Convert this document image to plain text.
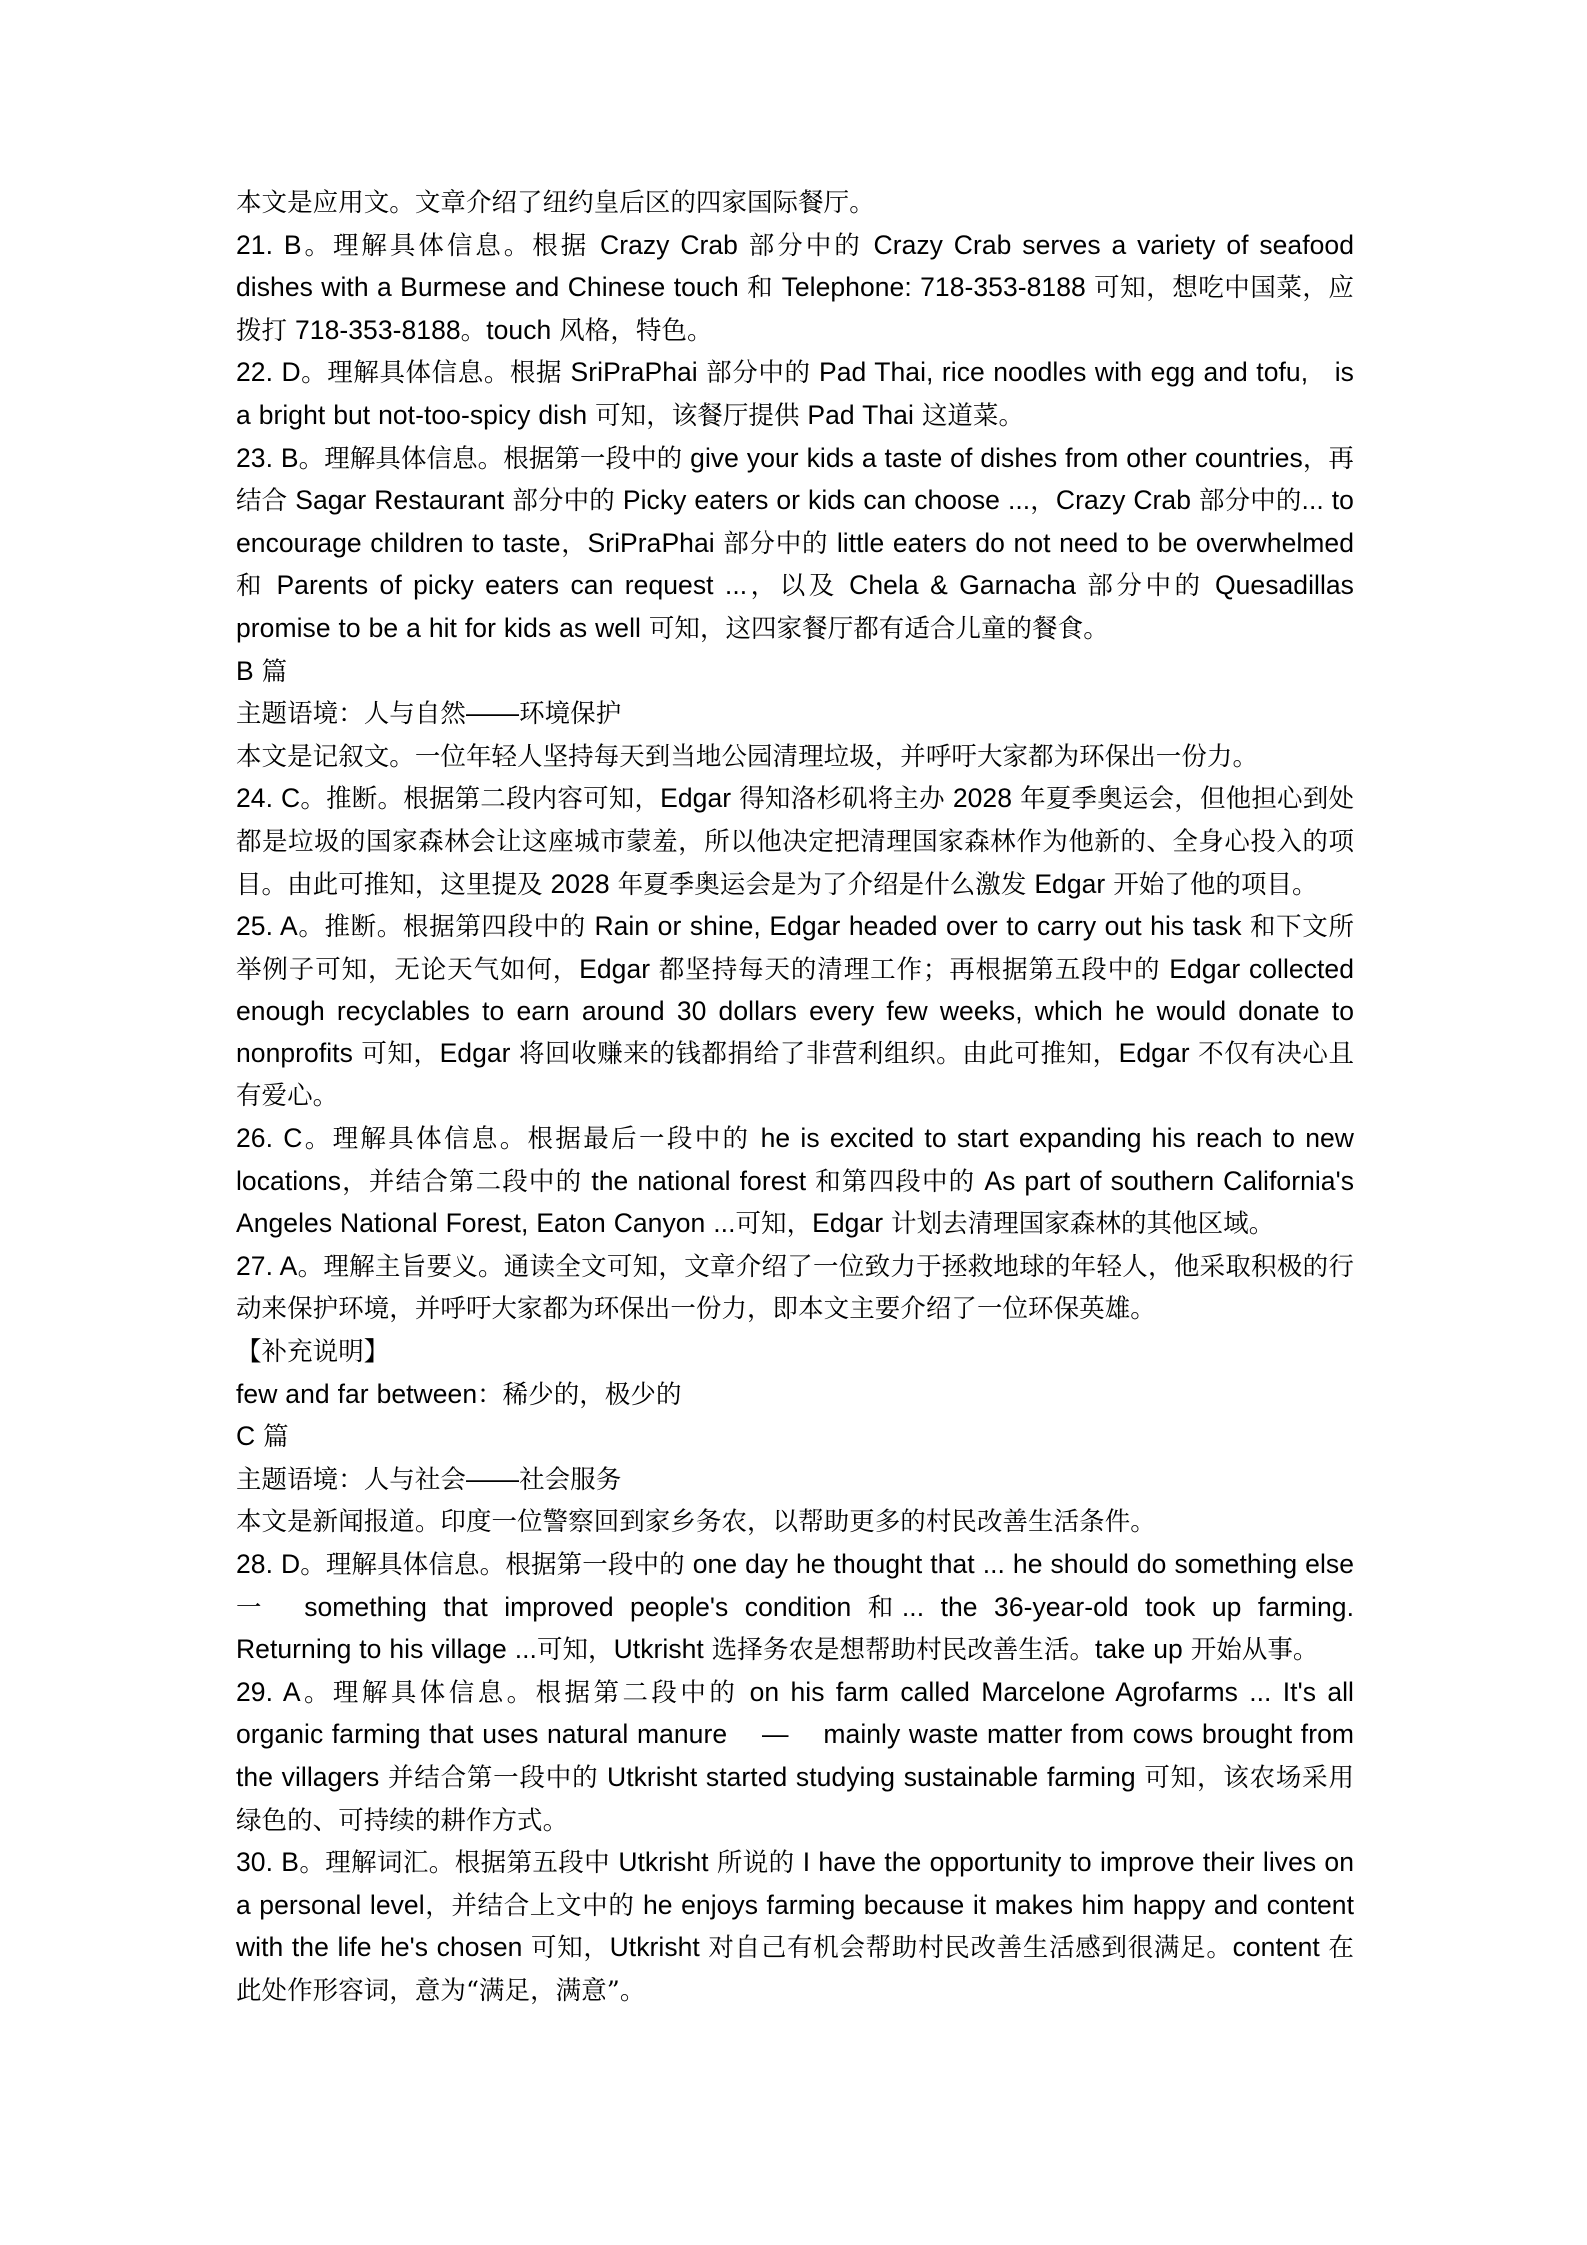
本文是应用文。文章介绍了纽约皇后区的四家国际餐厅。

21. B。理解具体信息。根据 Crazy Crab 部分中的 Crazy Crab serves a variety of seafood dishes with a Burmese and Chinese touch 和 Telephone: 718-353-8188 可知，想吃中国菜，应拨打 718-353-8188。touch 风格，特色。

22. D。理解具体信息。根据 SriPraPhai 部分中的 Pad Thai, rice noodles with egg and tofu,　 is a bright but not-too-spicy dish 可知，该餐厅提供 Pad Thai 这道菜。

23. B。理解具体信息。根据第一段中的 give your kids a taste of dishes from other countries，再结合 Sagar Restaurant 部分中的 Picky eaters or kids can choose ...，Crazy Crab 部分中的... to encourage children to taste，SriPraPhai 部分中的 little eaters do not need to be overwhelmed 和 Parents of picky eaters can request ...，以及 Chela & Garnacha 部分中的 Quesadillas promise to be a hit for kids as well 可知，这四家餐厅都有适合儿童的餐食。

B 篇

主题语境：人与自然——环境保护

本文是记叙文。一位年轻人坚持每天到当地公园清理垃圾，并呼吁大家都为环保出一份力。

24. C。推断。根据第二段内容可知，Edgar 得知洛杉矶将主办 2028 年夏季奥运会，但他担心到处都是垃圾的国家森林会让这座城市蒙羞，所以他决定把清理国家森林作为他新的、全身心投入的项目。由此可推知，这里提及 2028 年夏季奥运会是为了介绍是什么激发 Edgar 开始了他的项目。

25. A。推断。根据第四段中的 Rain or shine, Edgar headed over to carry out his task 和下文所举例子可知，无论天气如何，Edgar 都坚持每天的清理工作；再根据第五段中的 Edgar collected enough recyclables to earn around 30 dollars every few weeks, which he would donate to nonprofits 可知，Edgar 将回收赚来的钱都捐给了非营利组织。由此可推知，Edgar 不仅有决心且有爱心。

26. C。理解具体信息。根据最后一段中的 he is excited to start expanding his reach to new locations，并结合第二段中的 the national forest 和第四段中的 As part of southern California's Angeles National Forest, Eaton Canyon ...可知，Edgar 计划去清理国家森林的其他区域。

27. A。理解主旨要义。通读全文可知，文章介绍了一位致力于拯救地球的年轻人，他采取积极的行动来保护环境，并呼吁大家都为环保出一份力，即本文主要介绍了一位环保英雄。

【补充说明】

few and far between：稀少的，极少的

C 篇

主题语境：人与社会——社会服务

本文是新闻报道。印度一位警察回到家乡务农，以帮助更多的村民改善生活条件。

28. D。理解具体信息。根据第一段中的 one day he thought that ... he should do something else 一　something that improved people's condition 和... the 36-year-old took up farming. Returning to his village ...可知，Utkrisht 选择务农是想帮助村民改善生活。take up 开始从事。

29. A。理解具体信息。根据第二段中的 on his farm called Marcelone Agrofarms ... It's all organic farming that uses natural manure 　— 　mainly waste matter from cows brought from the villagers 并结合第一段中的 Utkrisht started studying sustainable farming 可知，该农场采用绿色的、可持续的耕作方式。

30. B。理解词汇。根据第五段中 Utkrisht 所说的 I have the opportunity to improve their lives on a personal level，并结合上文中的 he enjoys farming because it makes him happy and content with the life he's chosen 可知，Utkrisht 对自己有机会帮助村民改善生活感到很满足。content 在此处作形容词，意为“满足，满意”。
